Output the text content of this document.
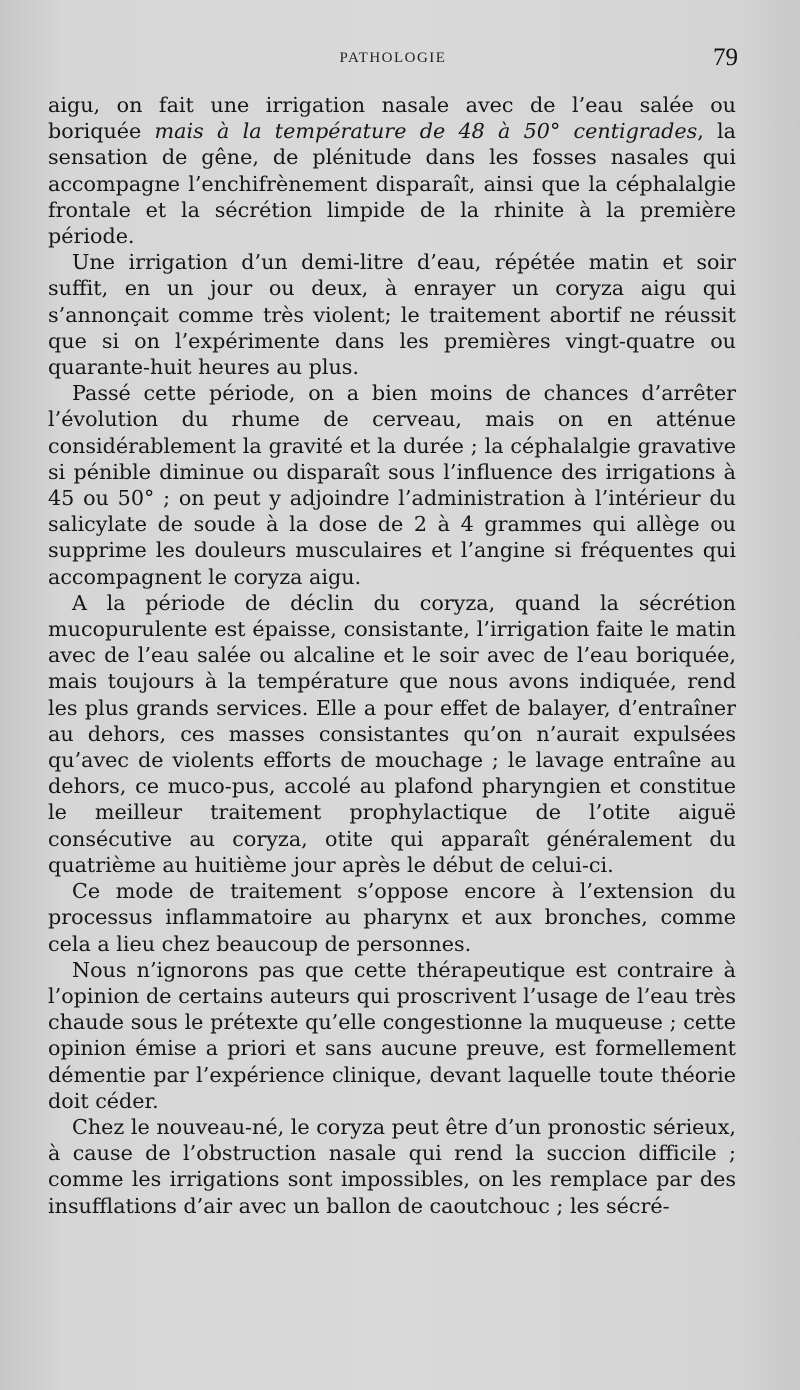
PATHOLOGIE	79

aigu, on fait une irrigation nasale avec de l’eau salée ou boriquée mais à la température de 48 à 50° centigrades, la sensation de gêne, de plénitude dans les fosses nasales qui accompagne l’enchifrènement disparaît, ainsi que la céphalalgie frontale et la sécrétion limpide de la rhinite à la première période.

Une irrigation d’un demi-litre d’eau, répétée matin et soir suffit, en un jour ou deux, à enrayer un coryza aigu qui s’annonçait comme très violent; le traitement abortif ne réussit que si on l’expérimente dans les premières vingt-quatre ou quarante-huit heures au plus.

Passé cette période, on a bien moins de chances d’arrêter l’évolution du rhume de cerveau, mais on en atténue considérablement la gravité et la durée ; la céphalalgie gravative si pénible diminue ou disparaît sous l’influence des irrigations à 45 ou 50° ; on peut y adjoindre l’administration à l’intérieur du salicylate de soude à la dose de 2 à 4 grammes qui allège ou supprime les douleurs musculaires et l’angine si fréquentes qui accompagnent le coryza aigu.

A la période de déclin du coryza, quand la sécrétion mucopurulente est épaisse, consistante, l’irrigation faite le matin avec de l’eau salée ou alcaline et le soir avec de l’eau boriquée, mais toujours à la température que nous avons indiquée, rend les plus grands services. Elle a pour effet de balayer, d’entraîner au dehors, ces masses consistantes qu’on n’aurait expulsées qu’avec de violents efforts de mouchage ; le lavage entraîne au dehors, ce muco-pus, accolé au plafond pharyngien et constitue le meilleur traitement prophylactique de l’otite aiguë consécutive au coryza, otite qui apparaît généralement du quatrième au huitième jour après le début de celui-ci.

Ce mode de traitement s’oppose encore à l’extension du processus inflammatoire au pharynx et aux bronches, comme cela a lieu chez beaucoup de personnes.

Nous n’ignorons pas que cette thérapeutique est contraire à l’opinion de certains auteurs qui proscrivent l’usage de l’eau très chaude sous le prétexte qu’elle congestionne la muqueuse ; cette opinion émise a priori et sans aucune preuve, est formellement démentie par l’expérience clinique, devant laquelle toute théorie doit céder.

Chez le nouveau-né, le coryza peut être d’un pronostic sérieux, à cause de l’obstruction nasale qui rend la succion difficile ; comme les irrigations sont impossibles, on les remplace par des insufflations d’air avec un ballon de caoutchouc ; les sécré-
